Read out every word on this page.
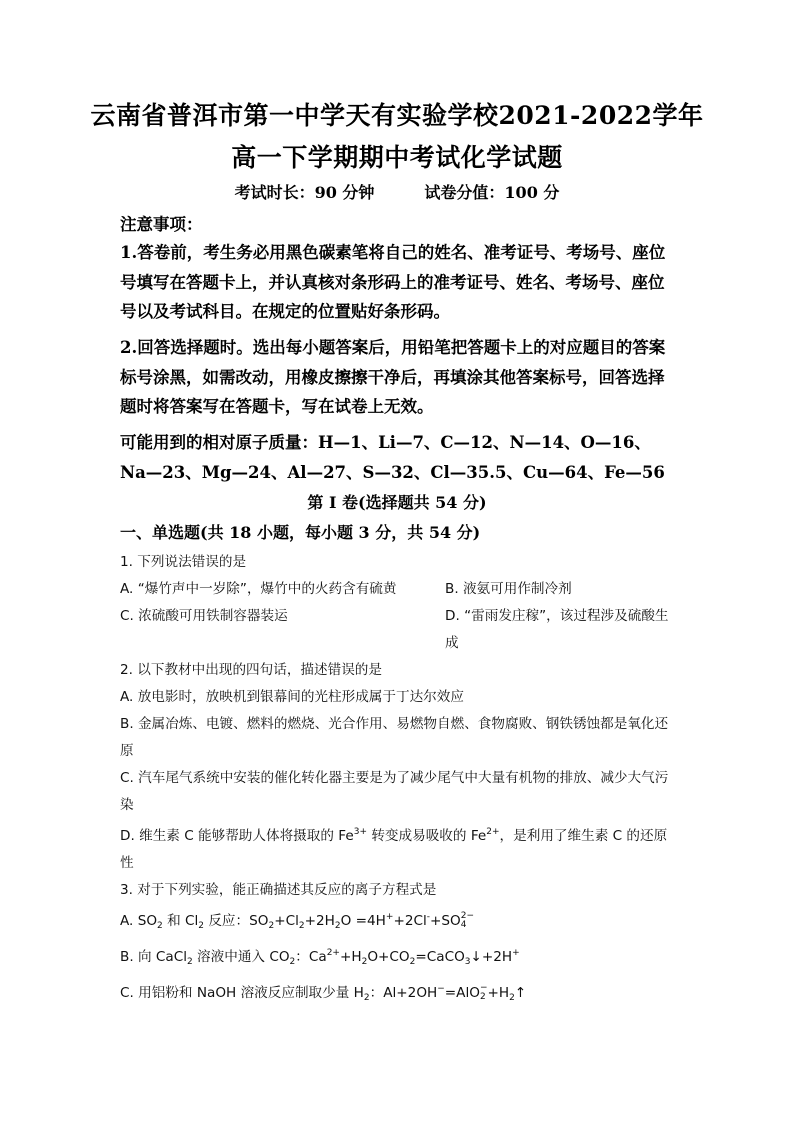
云南省普洱市第一中学天有实验学校2021-2022学年
高一下学期期中考试化学试题
考试时长：90 分钟	试卷分值：100 分
注意事项：
1.答卷前，考生务必用黑色碳素笔将自己的姓名、准考证号、考场号、座位号填写在答题卡上，并认真核对条形码上的准考证号、姓名、考场号、座位号以及考试科目。在规定的位置贴好条形码。
2.回答选择题时。选出每小题答案后，用铅笔把答题卡上的对应题目的答案标号涂黑，如需改动，用橡皮擦擦干净后，再填涂其他答案标号，回答选择题时将答案写在答题卡，写在试卷上无效。
可能用到的相对原子质量：H—1、Li—7、C—12、N—14、O—16、Na—23、Mg—24、Al—27、S—32、Cl—35.5、Cu—64、Fe—56
第 I 卷(选择题共 54 分)
一、单选题(共 18 小题，每小题 3 分，共 54 分)
1. 下列说法错误的是
A. “爆竹声中一岁除”，爆竹中的火药含有硫黄	B. 液氨可用作制冷剂
C. 浓硫酸可用铁制容器装运	D. “雷雨发庄稼”，该过程涉及硫酸生成
2. 以下教材中出现的四句话，描述错误的是
A. 放电影时，放映机到银幕间的光柱形成属于丁达尔效应
B. 金属冶炼、电镀、燃料的燃烧、光合作用、易燃物自燃、食物腐败、钢铁锈蚀都是氧化还原
C. 汽车尾气系统中安装的催化转化器主要是为了减少尾气中大量有机物的排放、减少大气污染
D. 维生素 C 能够帮助人体将摄取的 $Fe^{3+}$ 转变成易吸收的 $Fe^{2+}$，是利用了维生素 C 的还原性
3. 对于下列实验，能正确描述其反应的离子方程式是
A. $SO_2$ 和 $Cl_2$ 反应：$SO_2+Cl_2+2H_2O =4H^++2Cl^-+SO$ 2−
4
B. 向 CaCl$_2$ 溶液中通入 $CO_2$：$Ca^{2+}+H_2O+CO_2=CaCO_3↓+2H^+$
C. 用铝粉和 NaOH 溶液反应制取少量 $H_2$：Al+2OH−=AlO −
$2 +H_2↑$
